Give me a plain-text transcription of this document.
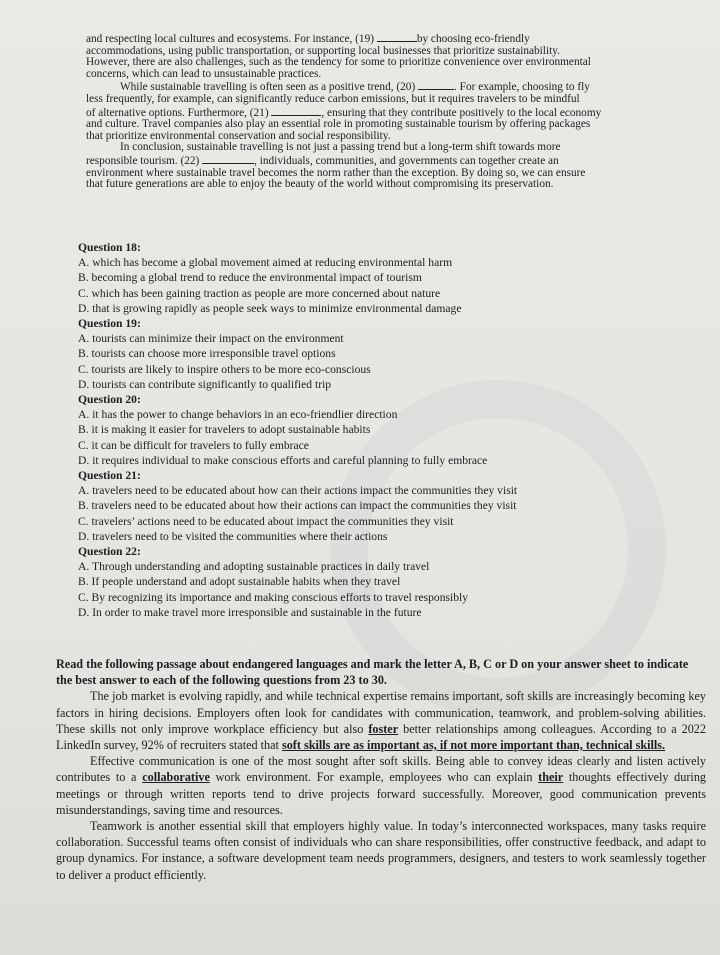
and respecting local cultures and ecosystems. For instance, (19)	by choosing eco-friendly
accommodations, using public transportation, or supporting local businesses that prioritize sustainability.
However, there are also challenges, such as the tendency for some to prioritize convenience over environmental
concerns, which can lead to unsustainable practices.
While sustainable travelling is often seen as a positive trend, (20)	. For example, choosing to fly
less frequently, for example, can significantly reduce carbon emissions, but it requires travelers to be mindful
of alternative options. Furthermore, (21)	, ensuring that they contribute positively to the local economy
and culture. Travel companies also play an essential role in promoting sustainable tourism by offering packages
that prioritize environmental conservation and social responsibility.
In conclusion, sustainable travelling is not just a passing trend but a long-term shift towards more
responsible tourism. (22)	, individuals, communities, and governments can together create an
environment where sustainable travel becomes the norm rather than the exception. By doing so, we can ensure
that future generations are able to enjoy the beauty of the world without compromising its preservation.
Question 18:
A. which has become a global movement aimed at reducing environmental harm
B. becoming a global trend to reduce the environmental impact of tourism
C. which has been gaining traction as people are more concerned about nature
D. that is growing rapidly as people seek ways to minimize environmental damage
Question 19:
A. tourists can minimize their impact on the environment
B. tourists can choose more irresponsible travel options
C. tourists are likely to inspire others to be more eco-conscious
D. tourists can contribute significantly to qualified trip
Question 20:
A. it has the power to change behaviors in an eco-friendlier direction
B. it is making it easier for travelers to adopt sustainable habits
C. it can be difficult for travelers to fully embrace
D. it requires individual to make conscious efforts and careful planning to fully embrace
Question 21:
A. travelers need to be educated about how can their actions impact the communities they visit
B. travelers need to be educated about how their actions can impact the communities they visit
C. travelers’ actions need to be educated about impact the communities they visit
D. travelers need to be visited the communities where their actions
Question 22:
A. Through understanding and adopting sustainable practices in daily travel
B. If people understand and adopt sustainable habits when they travel
C. By recognizing its importance and making conscious efforts to travel responsibly
D. In order to make travel more irresponsible and sustainable in the future
Read the following passage about endangered languages and mark the letter A, B, C or D on your answer sheet to indicate the best answer to each of the following questions from 23 to 30.

The job market is evolving rapidly, and while technical expertise remains important, soft skills are increasingly becoming key factors in hiring decisions. Employers often look for candidates with communication, teamwork, and problem-solving abilities. These skills not only improve workplace efficiency but also foster better relationships among colleagues. According to a 2022 LinkedIn survey, 92% of recruiters stated that soft skills are as important as, if not more important than, technical skills.

Effective communication is one of the most sought after soft skills. Being able to convey ideas clearly and listen actively contributes to a collaborative work environment. For example, employees who can explain their thoughts effectively during meetings or through written reports tend to drive projects forward successfully. Moreover, good communication prevents misunderstandings, saving time and resources.

Teamwork is another essential skill that employers highly value. In today’s interconnected workspaces, many tasks require collaboration. Successful teams often consist of individuals who can share responsibilities, offer constructive feedback, and adapt to group dynamics. For instance, a software development team needs programmers, designers, and testers to work seamlessly together to deliver a product efficiently.
